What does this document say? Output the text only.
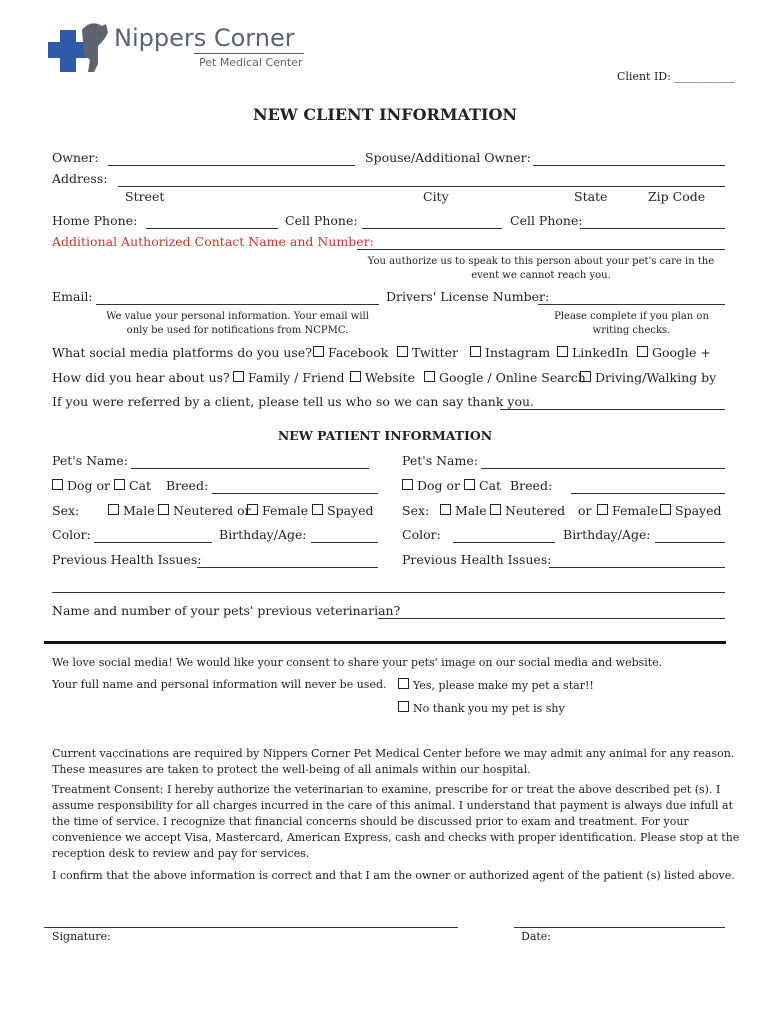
Nippers Corner
Pet Medical Center
Client ID: ___________
NEW CLIENT INFORMATION
Owner:	Spouse/Additional Owner:
Address:
Street	City	State	Zip Code
Home Phone:	Cell Phone:	Cell Phone:
Additional Authorized Contact Name and Number:
You authorize us to speak to this person about your pet's care in the
event we cannot reach you.
Email:	Drivers' License Number:
We value your personal information. Your email will
only be used for notifications from NCPMC.
Please complete if you plan on
writing checks.
What social media platforms do you use?	Facebook	Twitter	Instagram	LinkedIn	Google +
How did you hear about us?	Family / Friend	Website	Google / Online Search Driving/Walking by
If you were referred by a client, please tell us who so we can say thank you.
NEW PATIENT INFORMATION
Pet's Name:
Dog or Cat Breed:
Sex:	Male	Neutered or Female	Spayed
Color:	Birthday/Age:
Previous Health Issues:
Pet's Name:
Dog or Cat Breed:
Sex:	Male	Neutered or	Female	Spayed
Color:	Birthday/Age:
Previous Health Issues:
Name and number of your pets' previous veterinarian?
We love social media! We would like your consent to share your pets' image on our social media and website.
Your full name and personal information will never be used.	Yes, please make my pet a star!!
No thank you my pet is shy
Current vaccinations are required by Nippers Corner Pet Medical Center before we may admit any animal for any reason.
These measures are taken to protect the well-being of all animals within our hospital.
Treatment Consent: I hereby authorize the veterinarian to examine, prescribe for or treat the above described pet (s). I
assume responsibility for all charges incurred in the care of this animal. I understand that payment is always due infull at
the time of service. I recognize that financial concerns should be discussed prior to exam and treatment. For your
convenience we accept Visa, Mastercard, American Express, cash and checks with proper identification. Please stop at the
reception desk to review and pay for services.
I confirm that the above information is correct and that I am the owner or authorized agent of the patient (s) listed above.
Signature:	Date:
